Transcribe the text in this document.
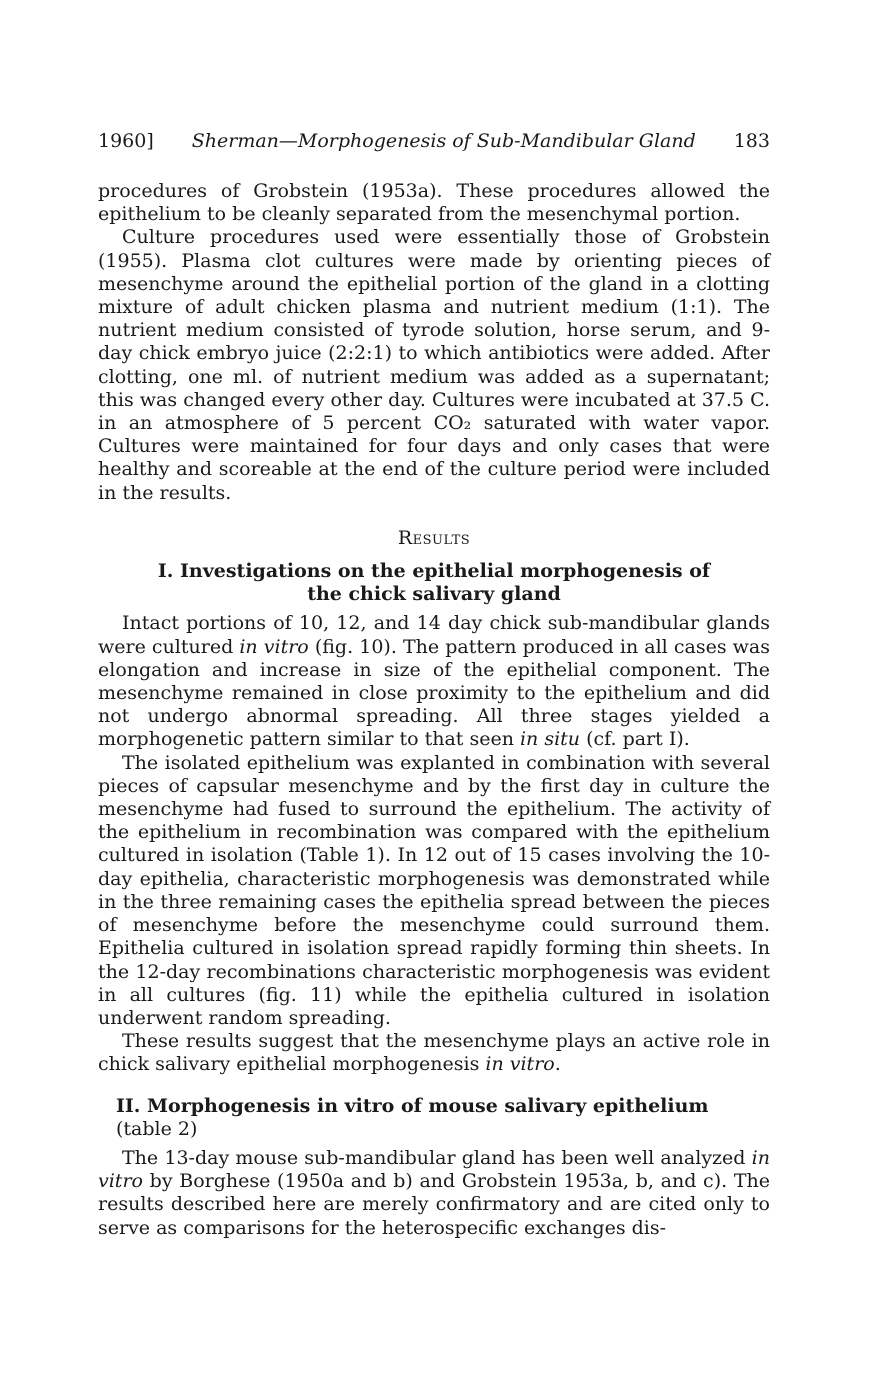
1960] Sherman—Morphogenesis of Sub-Mandibular Gland 183

procedures of Grobstein (1953a). These procedures allowed the epithelium to be cleanly separated from the mesenchymal portion.

Culture procedures used were essentially those of Grobstein (1955). Plasma clot cultures were made by orienting pieces of mesenchyme around the epithelial portion of the gland in a clotting mixture of adult chicken plasma and nutrient medium (1:1). The nutrient medium consisted of tyrode solution, horse serum, and 9-day chick embryo juice (2:2:1) to which antibiotics were added. After clotting, one ml. of nutrient medium was added as a supernatant; this was changed every other day. Cultures were incubated at 37.5 C. in an atmosphere of 5 percent CO₂ saturated with water vapor. Cultures were maintained for four days and only cases that were healthy and scoreable at the end of the culture period were included in the results.

Results
I. Investigations on the epithelial morphogenesis of
the chick salivary gland

Intact portions of 10, 12, and 14 day chick sub-mandibular glands were cultured in vitro (fig. 10). The pattern produced in all cases was elongation and increase in size of the epithelial component. The mesenchyme remained in close proximity to the epithelium and did not undergo abnormal spreading. All three stages yielded a morphogenetic pattern similar to that seen in situ (cf. part I).

The isolated epithelium was explanted in combination with several pieces of capsular mesenchyme and by the first day in culture the mesenchyme had fused to surround the epithelium. The activity of the epithelium in recombination was compared with the epithelium cultured in isolation (Table 1). In 12 out of 15 cases involving the 10-day epithelia, characteristic morphogenesis was demonstrated while in the three remaining cases the epithelia spread between the pieces of mesenchyme before the mesenchyme could surround them. Epithelia cultured in isolation spread rapidly forming thin sheets. In the 12-day recombinations characteristic morphogenesis was evident in all cultures (fig. 11) while the epithelia cultured in isolation underwent random spreading.

These results suggest that the mesenchyme plays an active role in chick salivary epithelial morphogenesis in vitro.

II. Morphogenesis in vitro of mouse salivary epithelium (table 2)

The 13-day mouse sub-mandibular gland has been well analyzed in vitro by Borghese (1950a and b) and Grobstein 1953a, b, and c). The results described here are merely confirmatory and are cited only to serve as comparisons for the heterospecific exchanges dis-
